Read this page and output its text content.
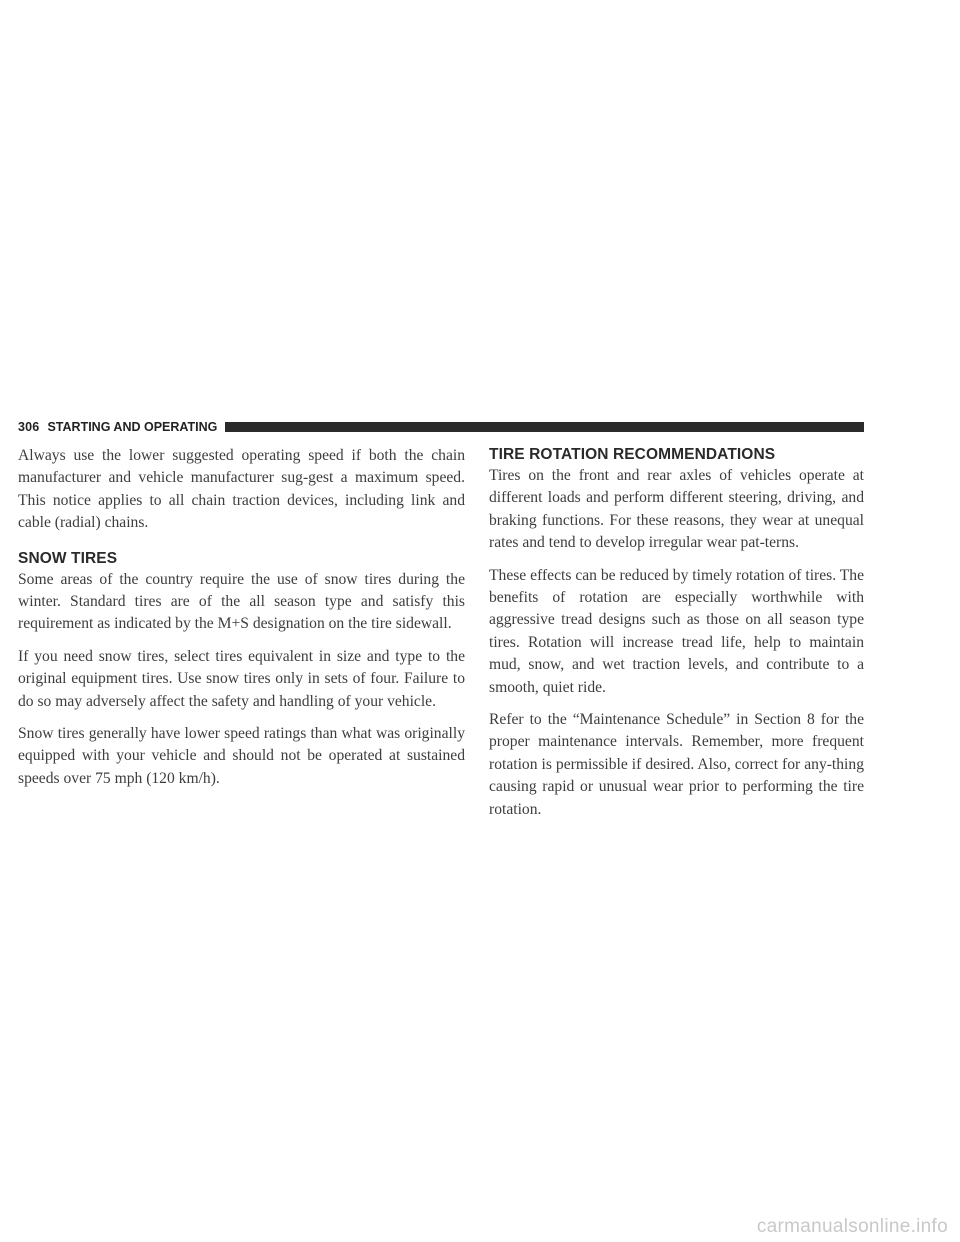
306 STARTING AND OPERATING

Always use the lower suggested operating speed if both the chain manufacturer and vehicle manufacturer sug-gest a maximum speed. This notice applies to all chain traction devices, including link and cable (radial) chains.

SNOW TIRES

Some areas of the country require the use of snow tires during the winter. Standard tires are of the all season type and satisfy this requirement as indicated by the M+S designation on the tire sidewall.

If you need snow tires, select tires equivalent in size and type to the original equipment tires. Use snow tires only in sets of four. Failure to do so may adversely affect the safety and handling of your vehicle.

Snow tires generally have lower speed ratings than what was originally equipped with your vehicle and should not be operated at sustained speeds over 75 mph (120 km/h).

TIRE ROTATION RECOMMENDATIONS

Tires on the front and rear axles of vehicles operate at different loads and perform different steering, driving, and braking functions. For these reasons, they wear at unequal rates and tend to develop irregular wear pat-terns.

These effects can be reduced by timely rotation of tires. The benefits of rotation are especially worthwhile with aggressive tread designs such as those on all season type tires. Rotation will increase tread life, help to maintain mud, snow, and wet traction levels, and contribute to a smooth, quiet ride.

Refer to the “Maintenance Schedule” in Section 8 for the proper maintenance intervals. Remember, more frequent rotation is permissible if desired. Also, correct for any-thing causing rapid or unusual wear prior to performing the tire rotation.

carmanualsonline.info
